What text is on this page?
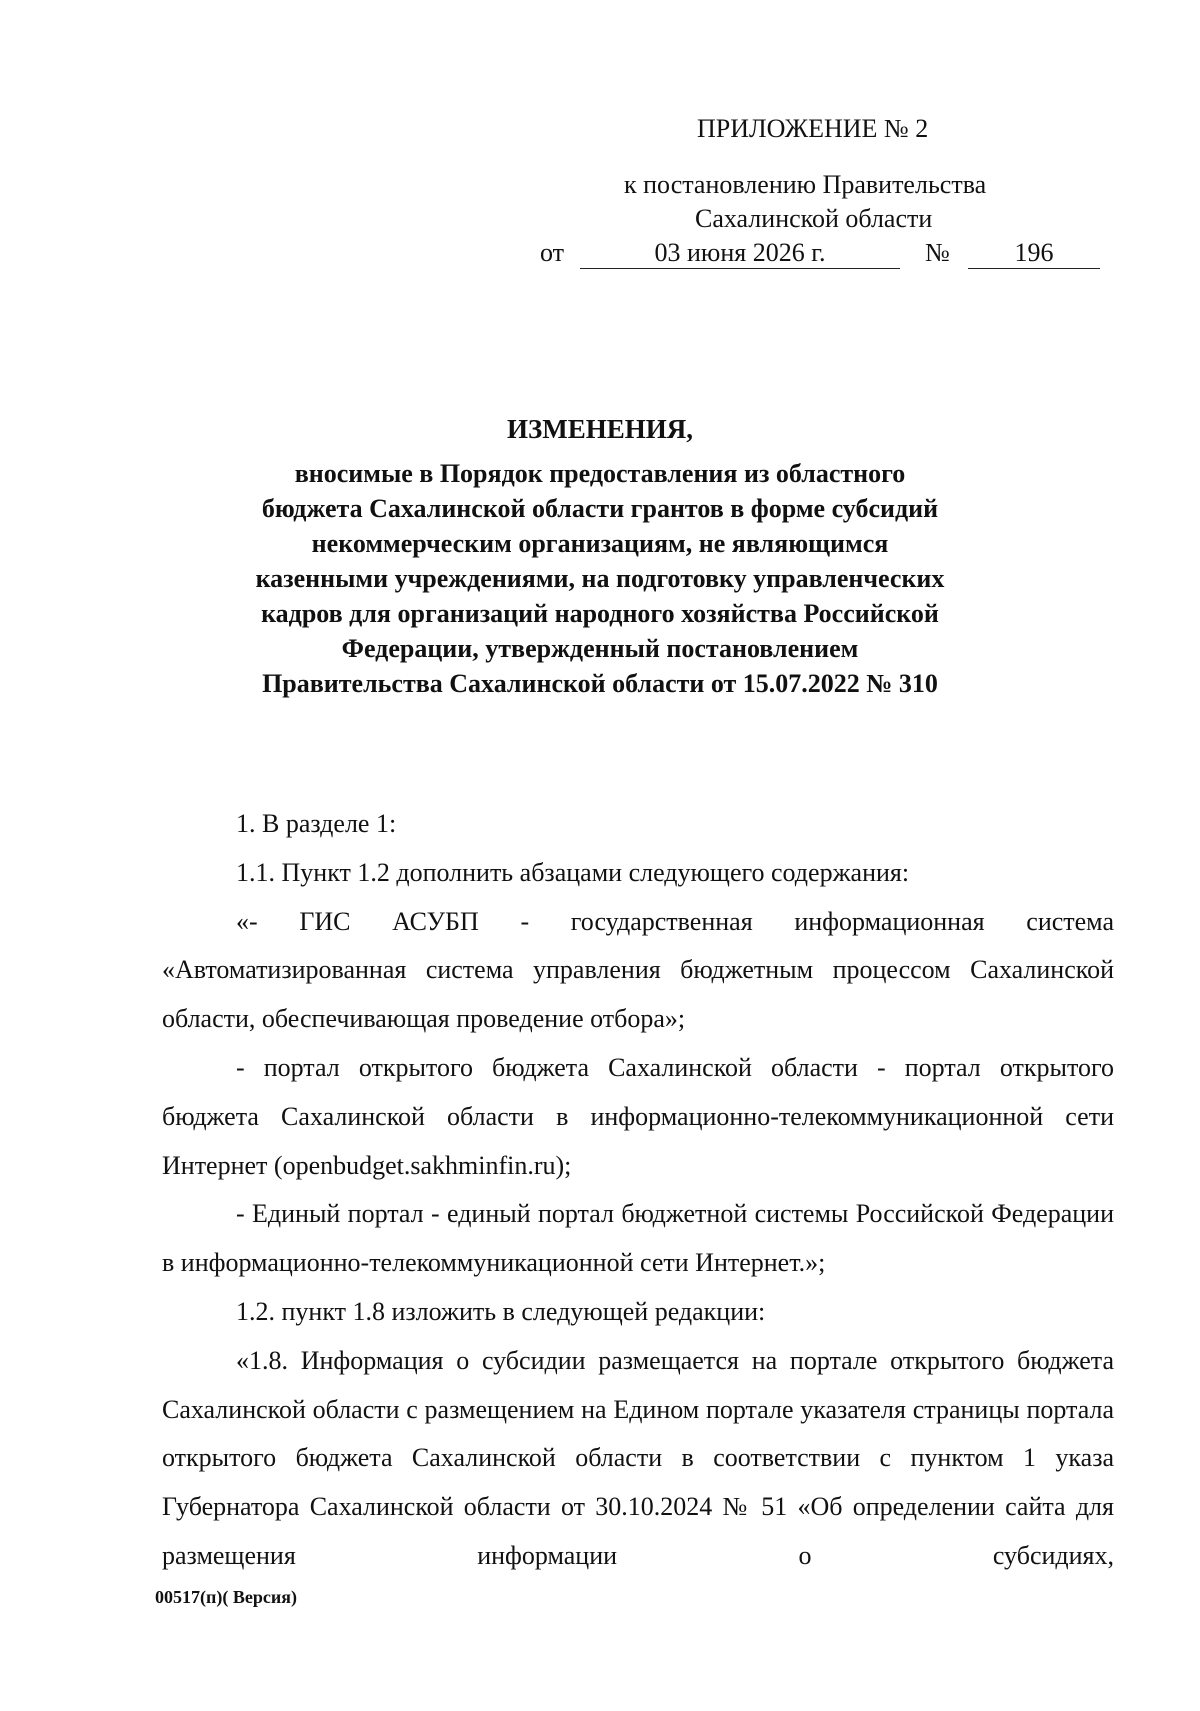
ПРИЛОЖЕНИЕ № 2
к постановлению Правительства
Сахалинской области
от	03 июня 2026 г.	№	196
ИЗМЕНЕНИЯ,
вносимые в Порядок предоставления из областного бюджета Сахалинской области грантов в форме субсидий некоммерческим организациям, не являющимся казенными учреждениями, на подготовку управленческих кадров для организаций народного хозяйства Российской Федерации, утвержденный постановлением Правительства Сахалинской области от 15.07.2022 № 310

1. В разделе 1:

1.1. Пункт 1.2 дополнить абзацами следующего содержания:

«- ГИС АСУБП - государственная информационная система «Автоматизированная система управления бюджетным процессом Сахалинской области, обеспечивающая проведение отбора»;

- портал открытого бюджета Сахалинской области - портал открытого бюджета Сахалинской области в информационно-телекоммуникационной сети Интернет (openbudget.sakhminfin.ru);

- Единый портал - единый портал бюджетной системы Российской Федерации в информационно-телекоммуникационной сети Интернет.»;

1.2. пункт 1.8 изложить в следующей редакции:

«1.8. Информация о субсидии размещается на портале открытого бюджета Сахалинской области с размещением на Едином портале указателя страницы портала открытого бюджета Сахалинской области в соответствии с пунктом 1 указа Губернатора Сахалинской области от 30.10.2024 № 51 «Об определении сайта для размещения информации о субсидиях,

00517(п)( Версия)
